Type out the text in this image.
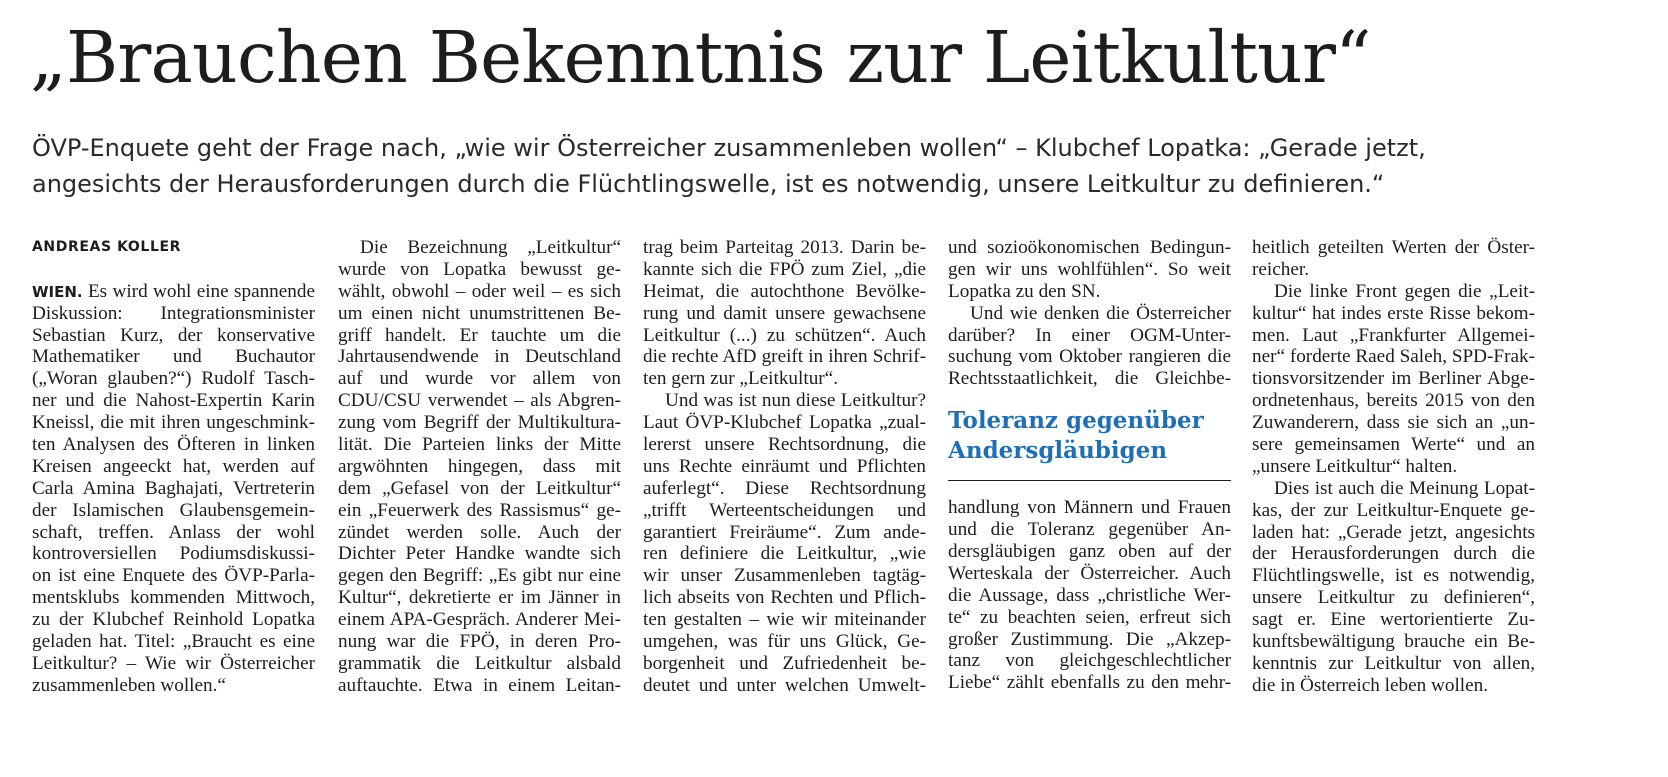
„Brauchen Bekenntnis zur Leitkultur“
ÖVP-Enquete geht der Frage nach, „wie wir Österreicher zusammenleben wollen“ – Klubchef Lopatka: „Gerade jetzt,
angesichts der Herausforderungen durch die Flüchtlingswelle, ist es notwendig, unsere Leitkultur zu definieren.“
ANDREAS KOLLER
WIEN. Es wird wohl eine spannende
Diskussion: Integrationsminister
Sebastian Kurz, der konservative
Mathematiker und Buchautor
(„Woran glauben?“) Rudolf Tasch-
ner und die Nahost-Expertin Karin
Kneissl, die mit ihren ungeschmink-
ten Analysen des Öfteren in linken
Kreisen angeeckt hat, werden auf
Carla Amina Baghajati, Vertreterin
der Islamischen Glaubensgemein-
schaft, treffen. Anlass der wohl
kontroversiellen Podiumsdiskussi-
on ist eine Enquete des ÖVP-Parla-
mentsklubs kommenden Mittwoch,
zu der Klubchef Reinhold Lopatka
geladen hat. Titel: „Braucht es eine
Leitkultur? – Wie wir Österreicher
zusammenleben wollen.“
Die Bezeichnung „Leitkultur“
wurde von Lopatka bewusst ge-
wählt, obwohl – oder weil – es sich
um einen nicht unumstrittenen Be-
griff handelt. Er tauchte um die
Jahrtausendwende in Deutschland
auf und wurde vor allem von
CDU/CSU verwendet – als Abgren-
zung vom Begriff der Multikultura-
lität. Die Parteien links der Mitte
argwöhnten hingegen, dass mit
dem „Gefasel von der Leitkultur“
ein „Feuerwerk des Rassismus“ ge-
zündet werden solle. Auch der
Dichter Peter Handke wandte sich
gegen den Begriff: „Es gibt nur eine
Kultur“, dekretierte er im Jänner in
einem APA-Gespräch. Anderer Mei-
nung war die FPÖ, in deren Pro-
grammatik die Leitkultur alsbald
auftauchte. Etwa in einem Leitan-
trag beim Parteitag 2013. Darin be-
kannte sich die FPÖ zum Ziel, „die
Heimat, die autochthone Bevölke-
rung und damit unsere gewachsene
Leitkultur (...) zu schützen“. Auch
die rechte AfD greift in ihren Schrif-
ten gern zur „Leitkultur“.
Und was ist nun diese Leitkultur?
Laut ÖVP-Klubchef Lopatka „zual-
lererst unsere Rechtsordnung, die
uns Rechte einräumt und Pflichten
auferlegt“. Diese Rechtsordnung
„trifft Werteentscheidungen und
garantiert Freiräume“. Zum ande-
ren definiere die Leitkultur, „wie
wir unser Zusammenleben tagtäg-
lich abseits von Rechten und Pflich-
ten gestalten – wie wir miteinander
umgehen, was für uns Glück, Ge-
borgenheit und Zufriedenheit be-
deutet und unter welchen Umwelt-
und sozioökonomischen Bedingun-
gen wir uns wohlfühlen“. So weit
Lopatka zu den SN.
Und wie denken die Österreicher
darüber? In einer OGM-Unter-
suchung vom Oktober rangieren die
Rechtsstaatlichkeit, die Gleichbe-
Toleranz gegenüber
Andersgläubigen
handlung von Männern und Frauen
und die Toleranz gegenüber An-
dersgläubigen ganz oben auf der
Werteskala der Österreicher. Auch
die Aussage, dass „christliche Wer-
te“ zu beachten seien, erfreut sich
großer Zustimmung. Die „Akzep-
tanz von gleichgeschlechtlicher
Liebe“ zählt ebenfalls zu den mehr-
heitlich geteilten Werten der Öster-
reicher.
Die linke Front gegen die „Leit-
kultur“ hat indes erste Risse bekom-
men. Laut „Frankfurter Allgemei-
ner“ forderte Raed Saleh, SPD-Frak-
tionsvorsitzender im Berliner Abge-
ordnetenhaus, bereits 2015 von den
Zuwanderern, dass sie sich an „un-
sere gemeinsamen Werte“ und an
„unsere Leitkultur“ halten.
Dies ist auch die Meinung Lopat-
kas, der zur Leitkultur-Enquete ge-
laden hat: „Gerade jetzt, angesichts
der Herausforderungen durch die
Flüchtlingswelle, ist es notwendig,
unsere Leitkultur zu definieren“,
sagt er. Eine wertorientierte Zu-
kunftsbewältigung brauche ein Be-
kenntnis zur Leitkultur von allen,
die in Österreich leben wollen.
